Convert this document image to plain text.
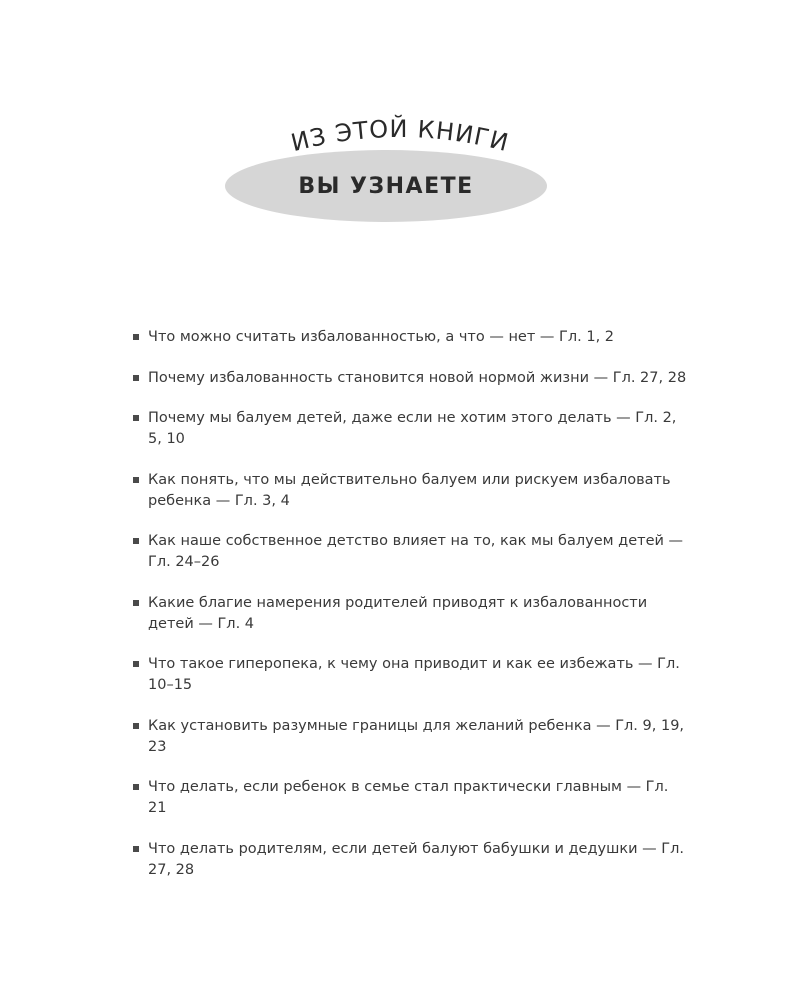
ИЗ ЭТОЙ КНИГИ
ВЫ УЗНАЕТЕ
Что можно считать избалованностью, а что — нет — Гл. 1, 2
Почему избалованность становится новой нормой жизни — Гл. 27, 28
Почему мы балуем детей, даже если не хотим этого делать — Гл. 2, 5, 10
Как понять, что мы действительно балуем или рискуем избаловать ребенка — Гл. 3, 4
Как наше собственное детство влияет на то, как мы балуем детей — Гл. 24–26
Какие благие намерения родителей приводят к избалованности детей — Гл. 4
Что такое гиперопека, к чему она приводит и как ее избежать — Гл. 10–15
Как установить разумные границы для желаний ребенка — Гл. 9, 19, 23
Что делать, если ребенок в семье стал практически главным — Гл. 21
Что делать родителям, если детей балуют бабушки и дедушки — Гл. 27, 28
